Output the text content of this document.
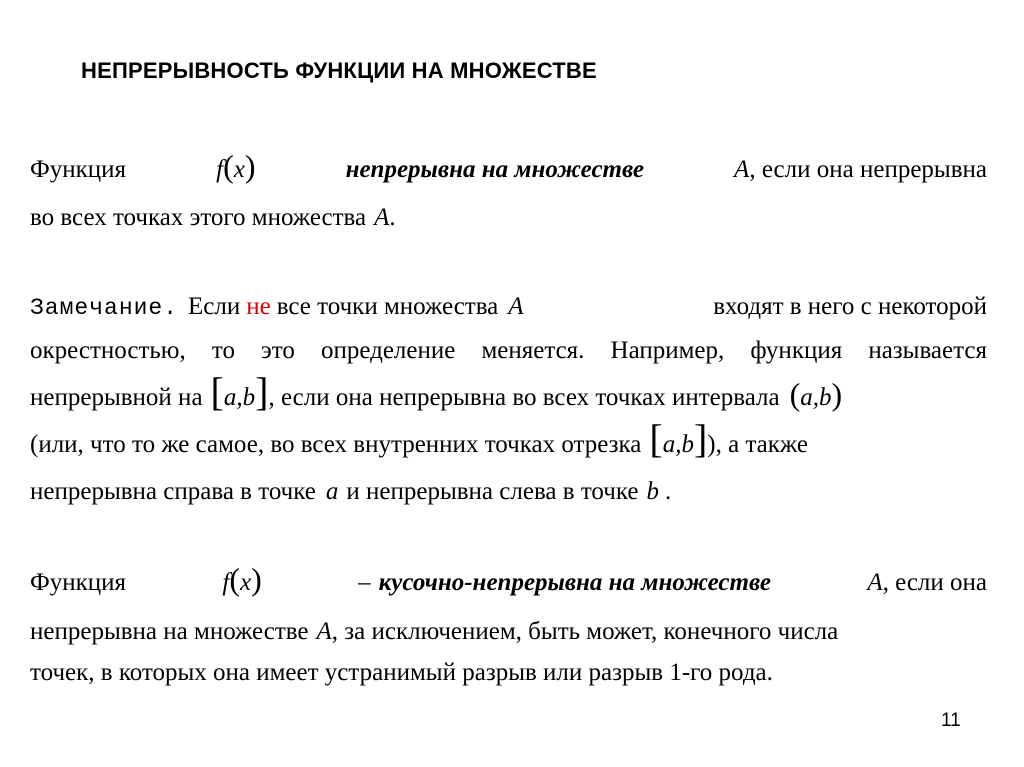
НЕПРЕРЫВНОСТЬ ФУНКЦИИ НА МНОЖЕСТВЕ
Функция	f(x)	непрерывна на множестве	A, если она непрерывна
во всех точках этого множества A.
Замечание. Если не все точки множества A	входят в него с некоторой
окрестностью, то это определение меняется. Например, функция называется
непрерывной на [a,b], если она непрерывна во всех точках интервала (a,b)
(или, что то же самое, во всех внутренних точках отрезка [a,b]), а также
непрерывна справа в точке a и непрерывна слева в точке b .
Функция	f(x)	– кусочно-непрерывна на множестве	A, если она
непрерывна на множестве A, за исключением, быть может, конечного числа
точек, в которых она имеет устранимый разрыв или разрыв 1-го рода.
11
